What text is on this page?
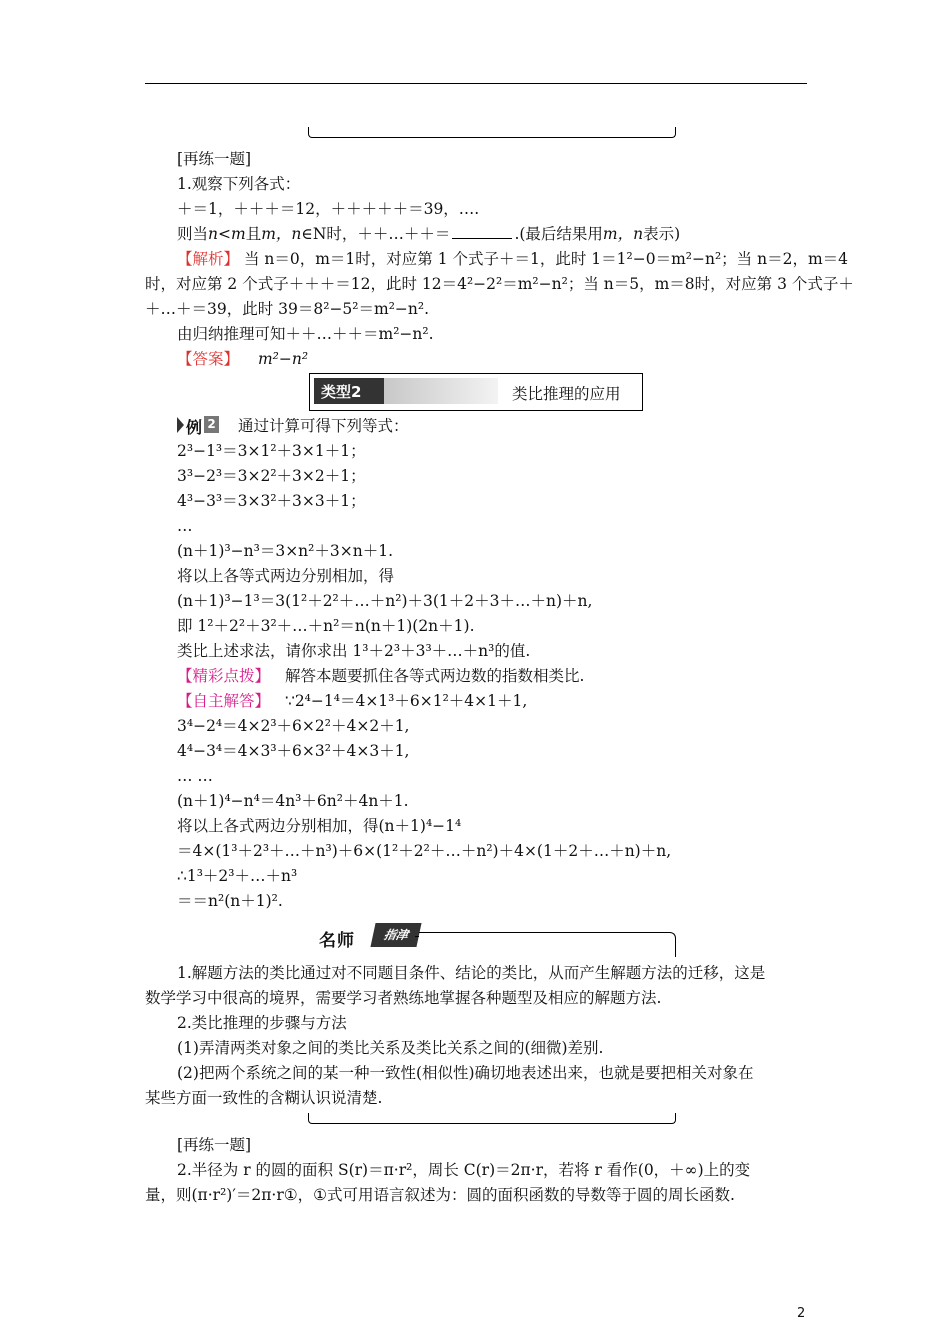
[再练一题]
1.观察下列各式：
＋＝1，＋＋＋＝12，＋＋＋＋＋＝39，….
则当n<m且m，n∈N时，＋＋…＋＋＝	.(最后结果用m，n表示)
【解析】 当 n＝0，m＝1时，对应第 1 个式子＋＝1，此时 1＝1²−0＝m²−n²；当 n＝2，m＝4
时，对应第 2 个式子＋＋＋＝12，此时 12＝4²−2²＝m²−n²；当 n＝5，m＝8时，对应第 3 个式子＋
＋…＋＝39，此时 39＝8²−5²＝m²−n².
由归纳推理可知＋＋…＋＋＝m²−n².
【答案】 m²−n²
类型2	类比推理的应用
例 2 通过计算可得下列等式：
2³−1³＝3×1²＋3×1＋1；
3³−2³＝3×2²＋3×2＋1；
4³−3³＝3×3²＋3×3＋1；
…
(n＋1)³−n³＝3×n²＋3×n＋1.
将以上各等式两边分别相加，得
(n＋1)³−1³＝3(1²＋2²＋…＋n²)＋3(1＋2＋3＋…＋n)＋n,
即 1²＋2²＋3²＋…＋n²＝n(n＋1)(2n＋1).
类比上述求法，请你求出 1³＋2³＋3³＋…＋n³的值.
【精彩点拨】 解答本题要抓住各等式两边数的指数相类比.
【自主解答】 ∵2⁴−1⁴＝4×1³＋6×1²＋4×1＋1,
3⁴−2⁴＝4×2³＋6×2²＋4×2＋1,
4⁴−3⁴＝4×3³＋6×3²＋4×3＋1,
… …
(n＋1)⁴−n⁴＝4n³＋6n²＋4n＋1.
将以上各式两边分别相加，得(n＋1)⁴−1⁴
＝4×(1³＋2³＋…＋n³)＋6×(1²＋2²＋…＋n²)＋4×(1＋2＋…＋n)＋n,
∴1³＋2³＋…＋n³
＝＝n²(n＋1)².
名师	指津
1.解题方法的类比通过对不同题目条件、结论的类比，从而产生解题方法的迁移，这是
数学学习中很高的境界，需要学习者熟练地掌握各种题型及相应的解题方法.
2.类比推理的步骤与方法
(1)弄清两类对象之间的类比关系及类比关系之间的(细微)差别.
(2)把两个系统之间的某一种一致性(相似性)确切地表述出来，也就是要把相关对象在
某些方面一致性的含糊认识说清楚.
[再练一题]
2.半径为 r 的圆的面积 S(r)＝π·r²，周长 C(r)＝2π·r，若将 r 看作(0，＋∞)上的变
量，则(π·r²)′＝2π·r①，①式可用语言叙述为：圆的面积函数的导数等于圆的周长函数.
2
